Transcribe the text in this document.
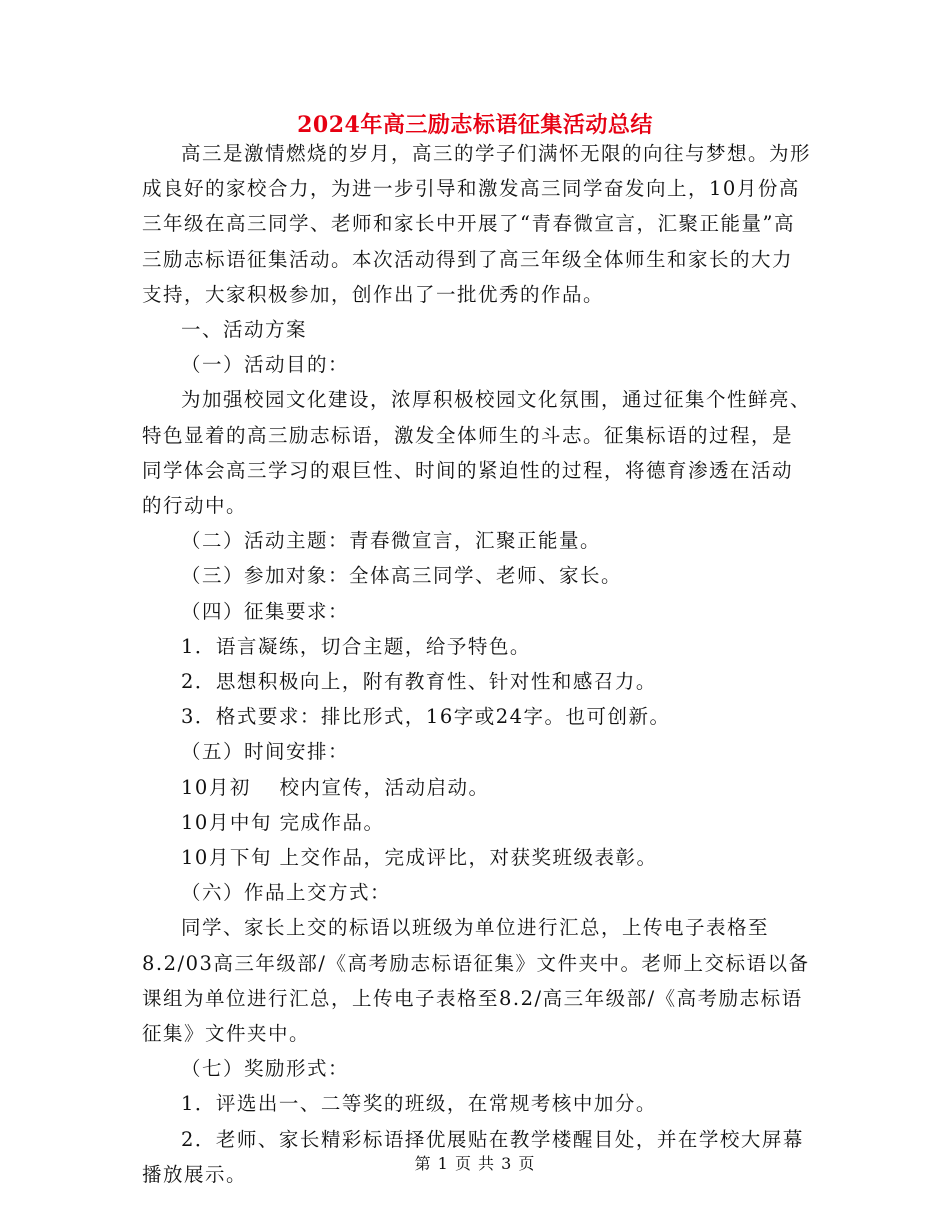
2024年高三励志标语征集活动总结

高三是激情燃烧的岁月，高三的学子们满怀无限的向往与梦想。为形成良好的家校合力，为进一步引导和激发高三同学奋发向上，10月份高三年级在高三同学、老师和家长中开展了“青春微宣言，汇聚正能量”高三励志标语征集活动。本次活动得到了高三年级全体师生和家长的大力支持，大家积极参加，创作出了一批优秀的作品。

一、活动方案

（一）活动目的：

为加强校园文化建设，浓厚积极校园文化氛围，通过征集个性鲜亮、特色显着的高三励志标语，激发全体师生的斗志。征集标语的过程，是同学体会高三学习的艰巨性、时间的紧迫性的过程，将德育渗透在活动的行动中。

（二）活动主题：青春微宣言，汇聚正能量。

（三）参加对象：全体高三同学、老师、家长。

（四）征集要求：

1．语言凝练，切合主题，给予特色。

2．思想积极向上，附有教育性、针对性和感召力。

3．格式要求：排比形式，16字或24字。也可创新。

（五）时间安排：

10月初　 校内宣传，活动启动。

10月中旬 完成作品。

10月下旬 上交作品，完成评比，对获奖班级表彰。

（六）作品上交方式：

同学、家长上交的标语以班级为单位进行汇总，上传电子表格至8.2/03高三年级部/《高考励志标语征集》文件夹中。老师上交标语以备课组为单位进行汇总，上传电子表格至8.2/高三年级部/《高考励志标语征集》文件夹中。

（七）奖励形式：

1．评选出一、二等奖的班级，在常规考核中加分。

2．老师、家长精彩标语择优展贴在教学楼醒目处，并在学校大屏幕播放展示。	第 1 页 共 3 页
